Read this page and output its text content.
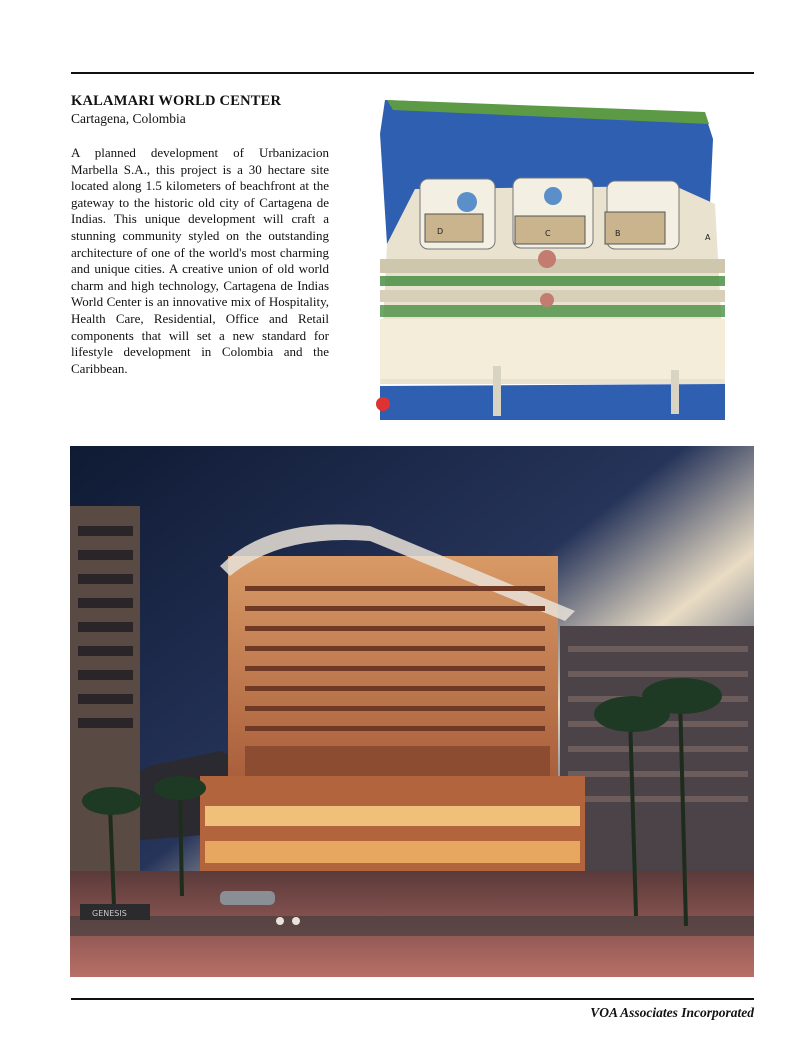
KALAMARI WORLD CENTER

Cartagena, Colombia

A planned development of Urbanizacion Marbella S.A., this project is a 30 hectare site located along 1.5 kilometers of beachfront at the gateway to the historic old city of Cartagena de Indias. This unique development will craft a stunning community styled on the outstanding architecture of one of the world's most charming and unique cities. A creative union of old world charm and high technology, Cartagena de Indias World Center is an innovative mix of Hospitality, Health Care, Residential, Office and Retail components that will set a new standard for lifestyle development in Colombia and the Caribbean.

D	C	B	A
GENESIS

VOA Associates Incorporated
